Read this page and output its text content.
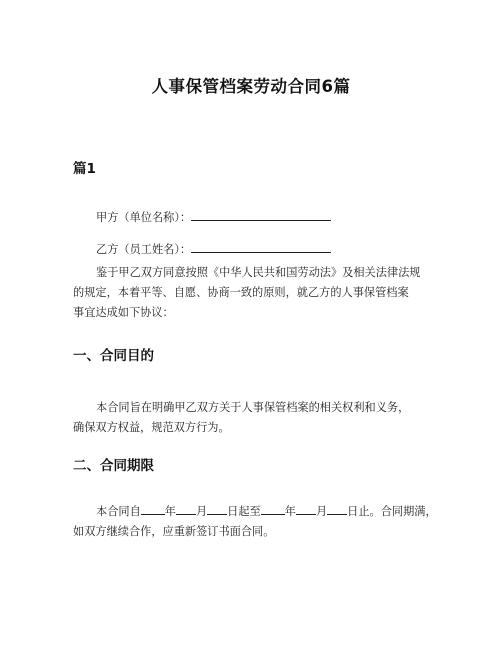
人事保管档案劳动合同6篇
篇1
甲方（单位名称）：
乙方（员工姓名）：
鉴于甲乙双方同意按照《中华人民共和国劳动法》及相关法律法规
的规定，本着平等、自愿、协商一致的原则，就乙方的人事保管档案
事宜达成如下协议：
一、合同目的
本合同旨在明确甲乙双方关于人事保管档案的相关权利和义务，
确保双方权益，规范双方行为。
二、合同期限
本合同自 年 月 日起至 年 月 日止。合同期满，
如双方继续合作，应重新签订书面合同。
